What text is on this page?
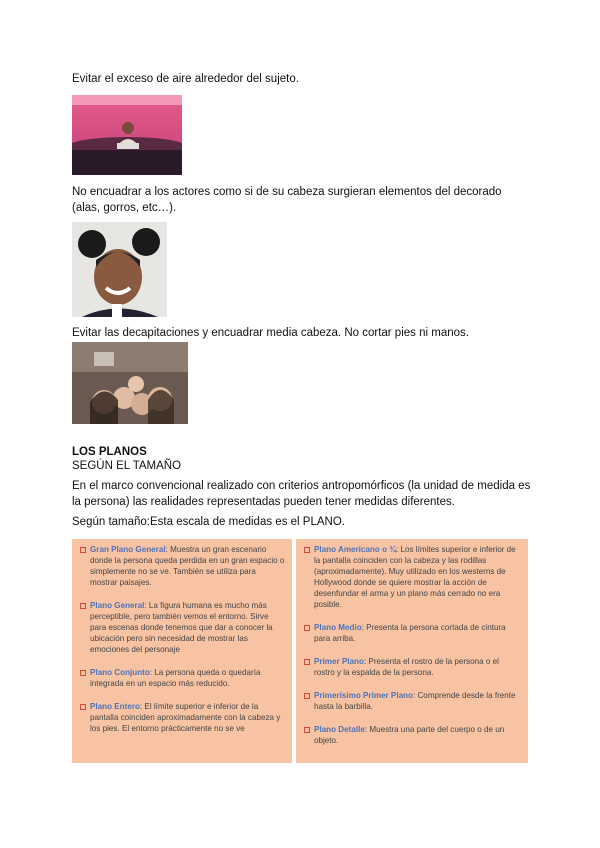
Evitar el exceso de aire alrededor del sujeto.

No encuadrar a los actores como si de su cabeza surgieran elementos del decorado (alas, gorros, etc…).

Evitar las decapitaciones y encuadrar media cabeza. No cortar pies ni manos.

LOS PLANOS

SEGÚN EL TAMAÑO

En el marco convencional realizado con criterios antropomórficos (la unidad de medida es la persona) las realidades representadas pueden tener medidas diferentes.

Según tamaño:Esta escala de medidas es el PLANO.

Gran Plano General: Muestra un gran escenario donde la persona queda perdida en un gran espacio o simplemente no se ve. También se utiliza para mostrar paisajes.

Plano General: La figura humana es mucho más perceptible, pero también vemos el entorno. Sirve para escenas donde tenemos que dar a conocer la ubicación pero sin necesidad de mostrar las emociones del personaje

Plano Conjunto: La persona queda o quedaría integrada en un espacio más reducido.

Plano Entero: El límite superior e inferior de la pantalla coinciden aproximadamente con la cabeza y los pies. El entorno prácticamente no se ve

Plano Americano o ¾: Los límites superior e inferior de la pantalla coinciden con la cabeza y las rodillas (aproximadamente). Muy utilizado en los westerns de Hollywood donde se quiere mostrar la acción de desenfundar el arma y un plano más cerrado no era posible.

Plano Medio: Presenta la persona cortada de cintura para arriba.

Primer Plano: Presenta el rostro de la persona o el rostro y la espalda de la persona.

Primerísimo Primer Plano: Comprende desde la frente hasta la barbilla.

Plano Detalle: Muestra una parte del cuerpo o de un objeto.
